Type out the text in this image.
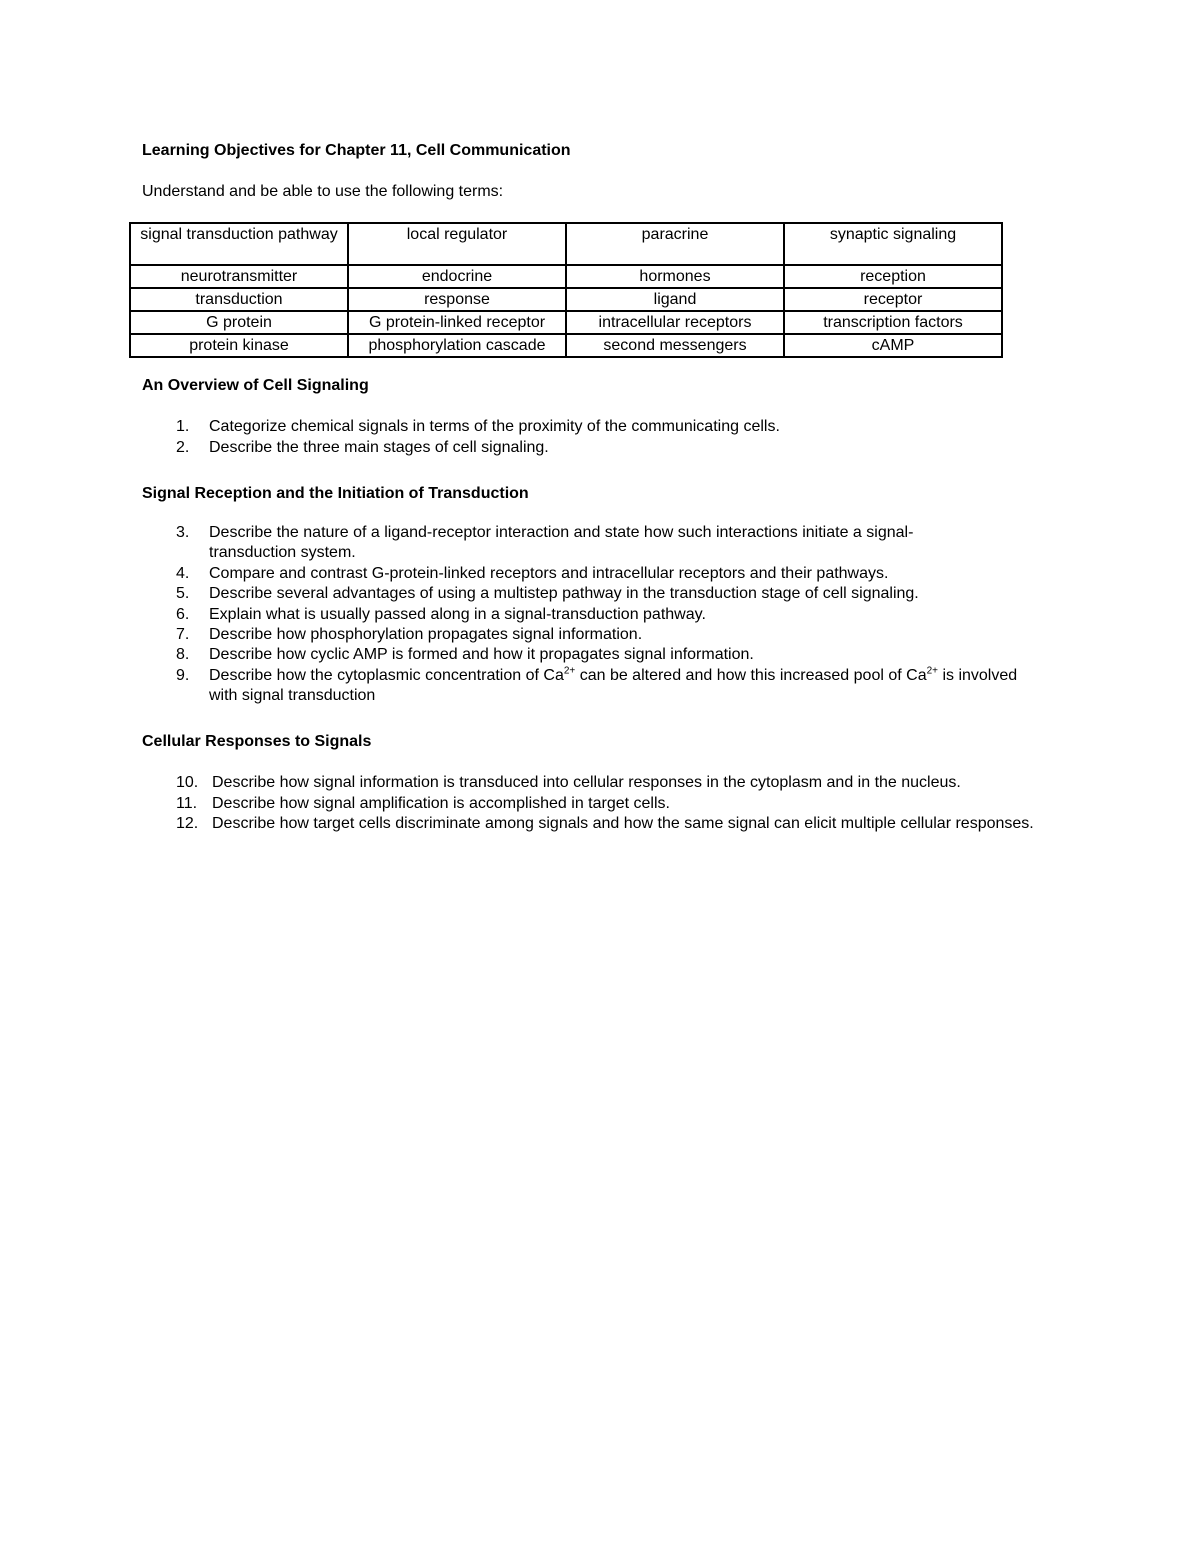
Learning Objectives for Chapter 11, Cell Communication
Understand and be able to use the following terms:
signal transduction pathway	local regulator	paracrine	synaptic signaling
neurotransmitter	endocrine	hormones	reception
transduction	response	ligand	receptor
G protein	G protein-linked receptor	intracellular receptors	transcription factors
protein kinase	phosphorylation cascade	second messengers	cAMP
An Overview of Cell Signaling
1. Categorize chemical signals in terms of the proximity of the communicating cells.
2. Describe the three main stages of cell signaling.
Signal Reception and the Initiation of Transduction
3. Describe the nature of a ligand-receptor interaction and state how such interactions initiate a signal-transduction system.
4. Compare and contrast G-protein-linked receptors and intracellular receptors and their pathways.
5. Describe several advantages of using a multistep pathway in the transduction stage of cell signaling.
6. Explain what is usually passed along in a signal-transduction pathway.
7. Describe how phosphorylation propagates signal information.
8. Describe how cyclic AMP is formed and how it propagates signal information.
9. Describe how the cytoplasmic concentration of $Ca^{2+}$ can be altered and how this increased pool of $Ca^{2+}$ is involved with signal transduction
Cellular Responses to Signals
10. Describe how signal information is transduced into cellular responses in the cytoplasm and in the nucleus.
11. Describe how signal amplification is accomplished in target cells.
12. Describe how target cells discriminate among signals and how the same signal can elicit multiple cellular responses.
